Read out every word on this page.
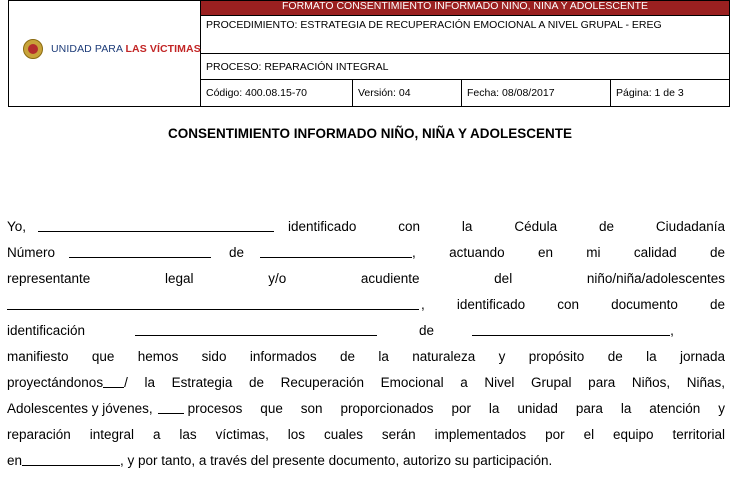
UNIDAD PARA LAS VÍCTIMAS
FORMATO CONSENTIMIENTO INFORMADO NIÑO, NIÑA Y ADOLESCENTE
PROCEDIMIENTO: ESTRATEGIA DE RECUPERACIÓN EMOCIONAL A NIVEL GRUPAL - EREG
PROCESO: REPARACIÓN INTEGRAL
Código: 400.08.15-70	Versión: 04	Fecha: 08/08/2017	Página: 1 de 3
CONSENTIMIENTO INFORMADO NIÑO, NIÑA Y ADOLESCENTE
Yo,	identificado con la Cédula de Ciudadanía
Número	de	, actuando en mi calidad de
representante	legal	y/o	acudiente	del	niño/niña/adolescentes
, identificado con documento de
identificación	de	,
manifiesto que hemos sido informados de la naturaleza y propósito de la jornada
proyectándonos / la Estrategia de Recuperación Emocional a Nivel Grupal para Niños, Niñas,
Adolescentes y jóvenes,	procesos que son proporcionados por la unidad para la atención y
reparación integral a las víctimas, los cuales serán implementados por el equipo territorial
en	, y por tanto, a través del presente documento, autorizo su participación.
